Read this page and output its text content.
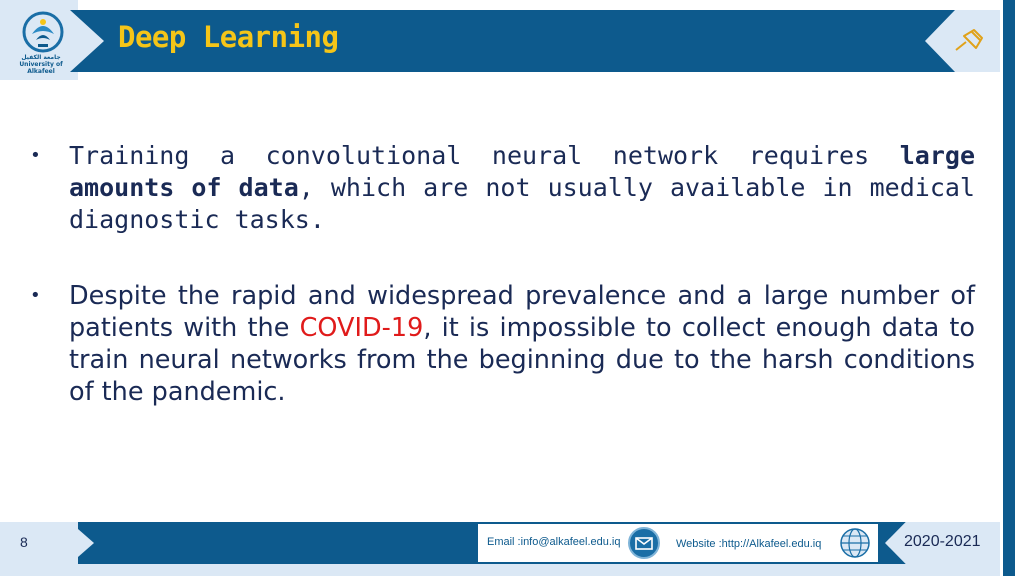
جامعة الكفيل
University of Alkafeel
Deep Learning
• Training a convolutional neural network requires large amounts of data, which are not usually available in medical diagnostic tasks.
• Despite the rapid and widespread prevalence and a large number of patients with the COVID-19, it is impossible to collect enough data to train neural networks from the beginning due to the harsh conditions of the pandemic.
8	Email :info@alkafeel.edu.iq	Website :http://Alkafeel.edu.iq	2020-2021
